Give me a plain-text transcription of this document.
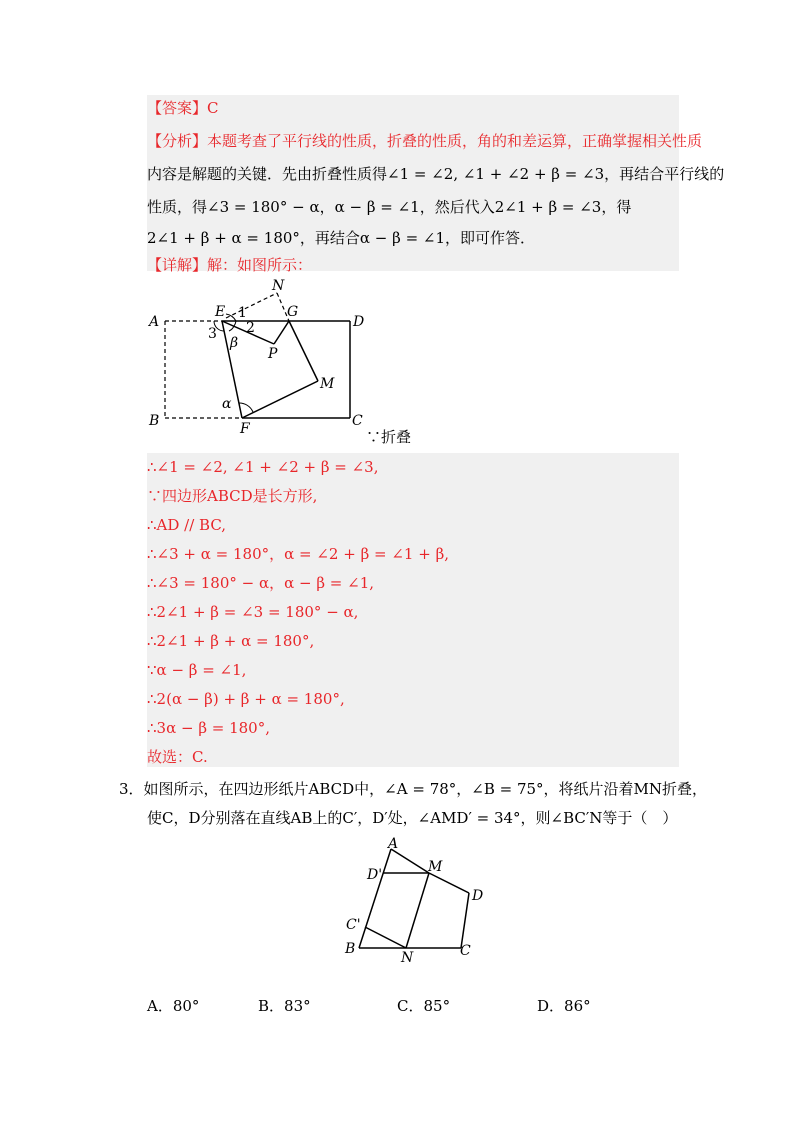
【答案】C
【分析】本题考查了平行线的性质，折叠的性质，角的和差运算，正确掌握相关性质
内容是解题的关键．先由折叠性质得∠1 = ∠2, ∠1 + ∠2 + β = ∠3，再结合平行线的
性质，得∠3 = 180° − α，α − β = ∠1，然后代入2∠1 + β = ∠3，得
2∠1 + β + α = 180°，再结合α − β = ∠1，即可作答．
【详解】解：如图所示：
A
B	C
D
E
F
G
N
P
M
1
2
3
α
β
∵折叠
∴∠1 = ∠2, ∠1 + ∠2 + β = ∠3,
∵四边形ABCD是长方形,
∴AD // BC,
∴∠3 + α = 180°，α = ∠2 + β = ∠1 + β,
∴∠3 = 180° − α，α − β = ∠1,
∴2∠1 + β = ∠3 = 180° − α,
∴2∠1 + β + α = 180°,
∵α − β = ∠1,
∴2(α − β) + β + α = 180°,
∴3α − β = 180°,
故选：C.
3．如图所示，在四边形纸片ABCD中，∠A = 78°，∠B = 75°，将纸片沿着MN折叠，
使C，D分别落在直线AB上的C′，D′处，∠AMD′ = 34°，则∠BC′N等于（　）
A
B	C
D
M
N
C'
D'
A．80°	B．83°	C．85°	D．86°
